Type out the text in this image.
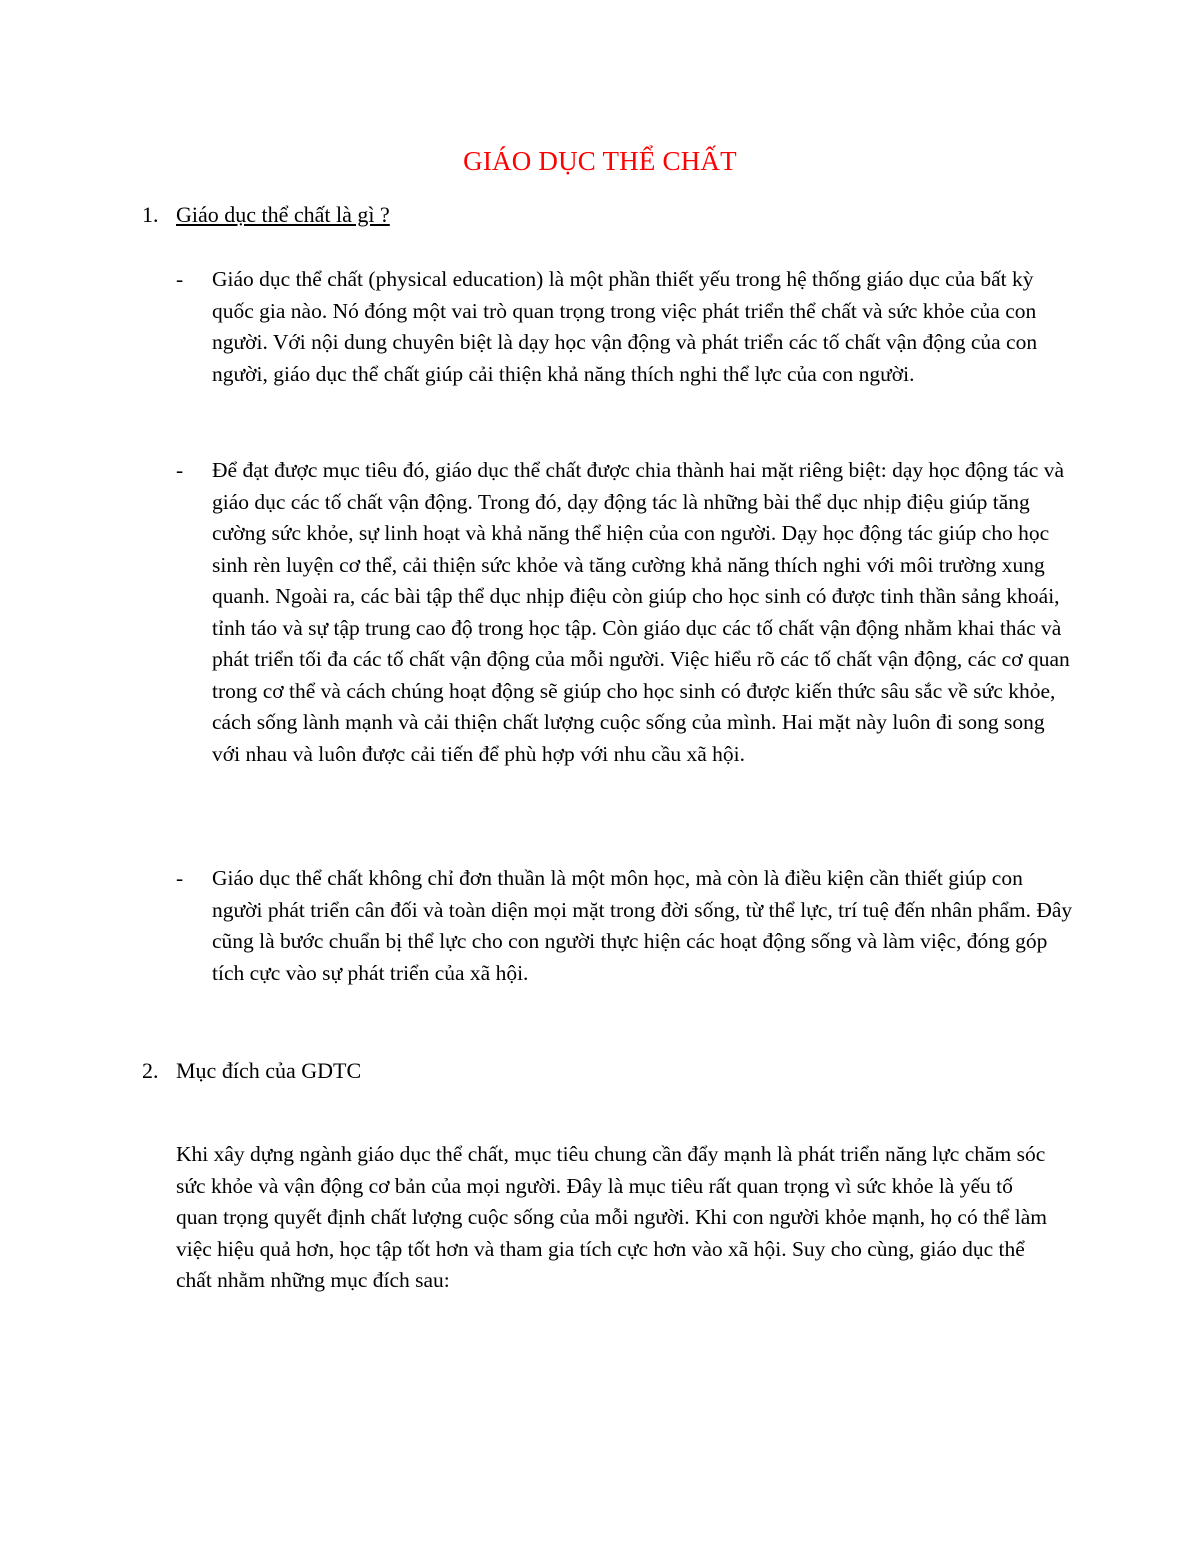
GIÁO DỤC THỂ CHẤT
1. Giáo dục thể chất là gì ?
- Giáo dục thể chất (physical education) là một phần thiết yếu trong hệ thống giáo dục của bất kỳ quốc gia nào. Nó đóng một vai trò quan trọng trong việc phát triển thể chất và sức khỏe của con người. Với nội dung chuyên biệt là dạy học vận động và phát triển các tố chất vận động của con người, giáo dục thể chất giúp cải thiện khả năng thích nghi thể lực của con người.
- Để đạt được mục tiêu đó, giáo dục thể chất được chia thành hai mặt riêng biệt: dạy học động tác và giáo dục các tố chất vận động. Trong đó, dạy động tác là những bài thể dục nhịp điệu giúp tăng cường sức khỏe, sự linh hoạt và khả năng thể hiện của con người. Dạy học động tác giúp cho học sinh rèn luyện cơ thể, cải thiện sức khỏe và tăng cường khả năng thích nghi với môi trường xung quanh. Ngoài ra, các bài tập thể dục nhịp điệu còn giúp cho học sinh có được tinh thần sảng khoái, tỉnh táo và sự tập trung cao độ trong học tập. Còn giáo dục các tố chất vận động nhằm khai thác và phát triển tối đa các tố chất vận động của mỗi người. Việc hiểu rõ các tố chất vận động, các cơ quan trong cơ thể và cách chúng hoạt động sẽ giúp cho học sinh có được kiến thức sâu sắc về sức khỏe, cách sống lành mạnh và cải thiện chất lượng cuộc sống của mình. Hai mặt này luôn đi song song với nhau và luôn được cải tiến để phù hợp với nhu cầu xã hội.
- Giáo dục thể chất không chỉ đơn thuần là một môn học, mà còn là điều kiện cần thiết giúp con người phát triển cân đối và toàn diện mọi mặt trong đời sống, từ thể lực, trí tuệ đến nhân phẩm. Đây cũng là bước chuẩn bị thể lực cho con người thực hiện các hoạt động sống và làm việc, đóng góp tích cực vào sự phát triển của xã hội.
2. Mục đích của GDTC
Khi xây dựng ngành giáo dục thể chất, mục tiêu chung cần đẩy mạnh là phát triển năng lực chăm sóc sức khỏe và vận động cơ bản của mọi người. Đây là mục tiêu rất quan trọng vì sức khỏe là yếu tố quan trọng quyết định chất lượng cuộc sống của mỗi người. Khi con người khỏe mạnh, họ có thể làm việc hiệu quả hơn, học tập tốt hơn và tham gia tích cực hơn vào xã hội. Suy cho cùng, giáo dục thể chất nhằm những mục đích sau:
